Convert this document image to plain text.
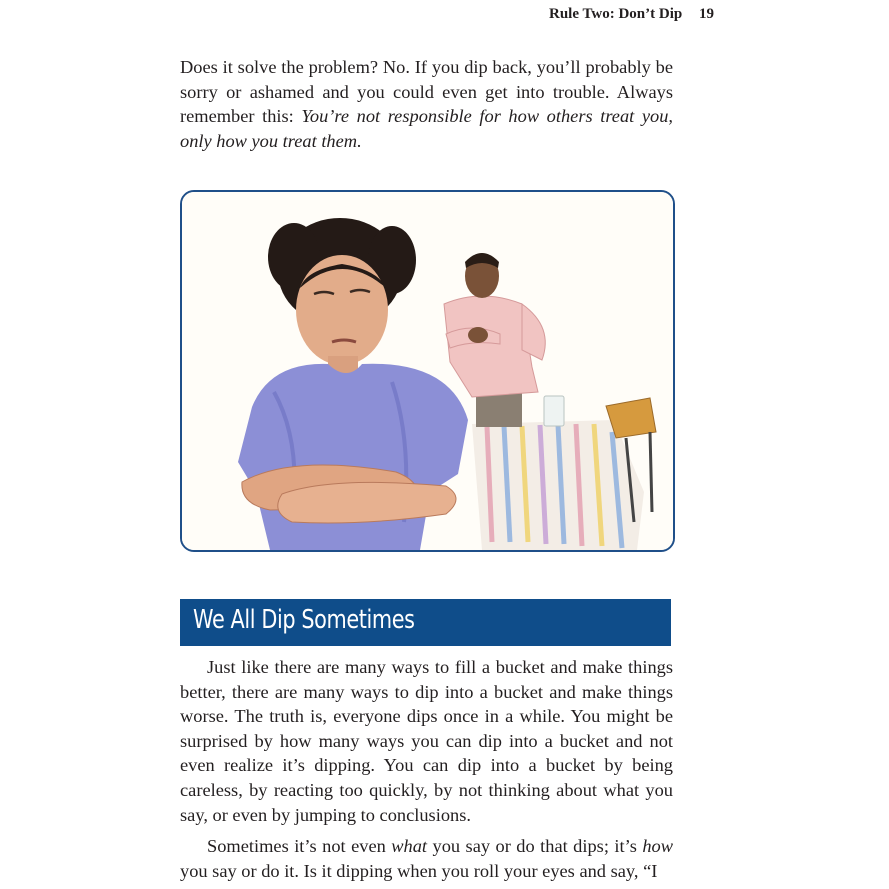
Rule Two: Don’t Dip 19

Does it solve the problem? No. If you dip back, you’ll probably be sorry or ashamed and you could even get into trouble. Always remember this: You’re not responsible for how others treat you, only how you treat them.

We All Dip Sometimes

Just like there are many ways to fill a bucket and make things better, there are many ways to dip into a bucket and make things worse. The truth is, everyone dips once in a while. You might be surprised by how many ways you can dip into a bucket and not even realize it’s dipping. You can dip into a bucket by being careless, by reacting too quickly, by not thinking about what you say, or even by jumping to conclusions.

Sometimes it’s not even what you say or do that dips; it’s how you say or do it. Is it dipping when you roll your eyes and say, “I
